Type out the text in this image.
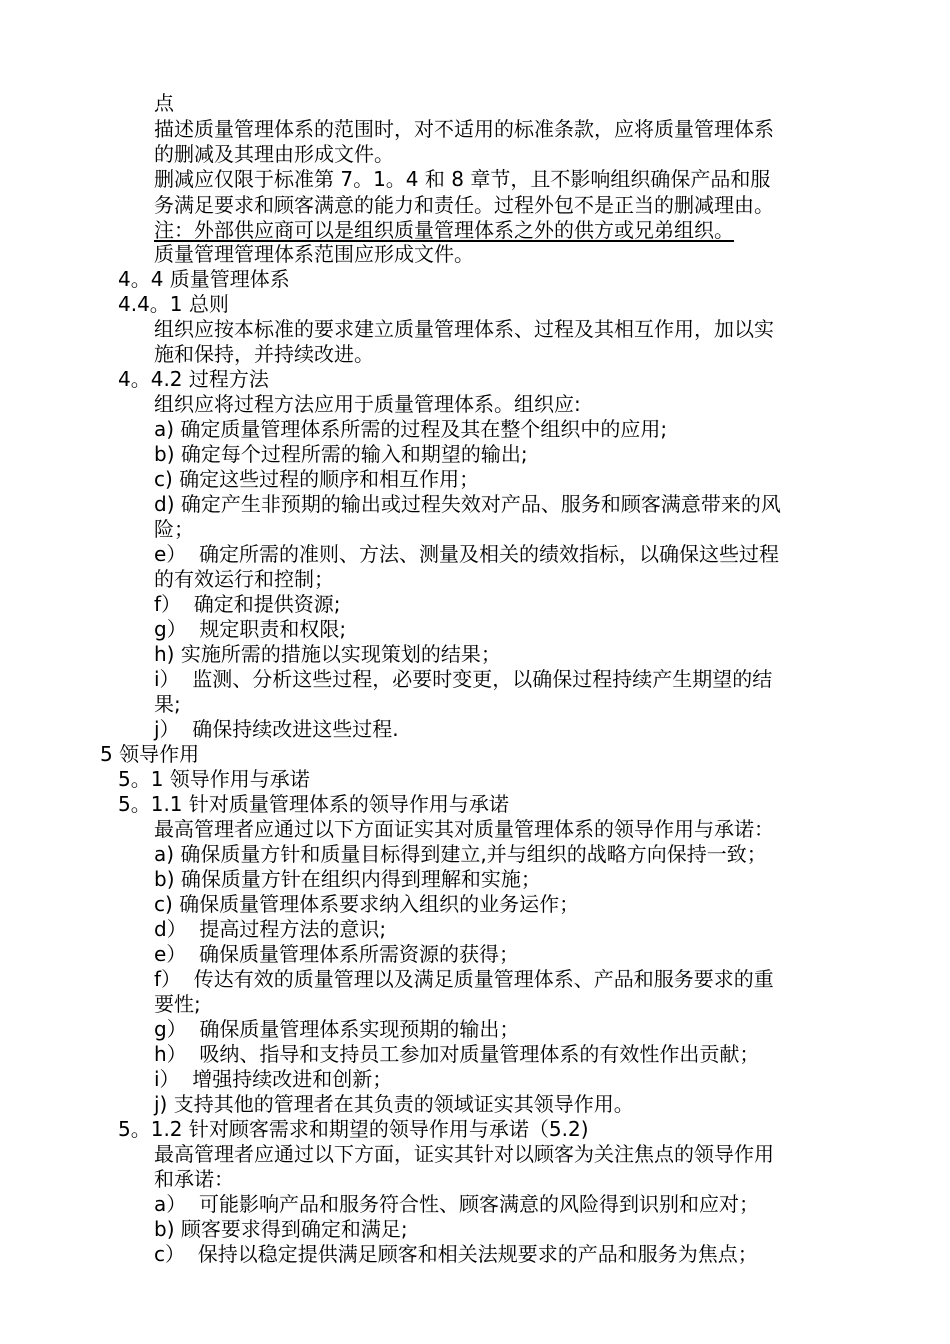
点
描述质量管理体系的范围时，对不适用的标准条款，应将质量管理体系
的删减及其理由形成文件。
删减应仅限于标准第 7。1。4 和 8 章节，且不影响组织确保产品和服
务满足要求和顾客满意的能力和责任。过程外包不是正当的删减理由。
注：外部供应商可以是组织质量管理体系之外的供方或兄弟组织。
质量管理管理体系范围应形成文件。
4。4 质量管理体系
4.4。1 总则
组织应按本标准的要求建立质量管理体系、过程及其相互作用，加以实
施和保持，并持续改进。
4。4.2 过程方法
组织应将过程方法应用于质量管理体系。组织应:
a) 确定质量管理体系所需的过程及其在整个组织中的应用;
b) 确定每个过程所需的输入和期望的输出;
c) 确定这些过程的顺序和相互作用；
d) 确定产生非预期的输出或过程失效对产品、服务和顾客满意带来的风
险；
e）  确定所需的准则、方法、测量及相关的绩效指标，以确保这些过程
的有效运行和控制；
f）  确定和提供资源;
g）  规定职责和权限;
h) 实施所需的措施以实现策划的结果；
i）  监测、分析这些过程，必要时变更，以确保过程持续产生期望的结
果;
j）  确保持续改进这些过程.
5 领导作用
5。1 领导作用与承诺
5。1.1 针对质量管理体系的领导作用与承诺
最高管理者应通过以下方面证实其对质量管理体系的领导作用与承诺：
a) 确保质量方针和质量目标得到建立,并与组织的战略方向保持一致；
b) 确保质量方针在组织内得到理解和实施；
c) 确保质量管理体系要求纳入组织的业务运作；
d）  提高过程方法的意识;
e）  确保质量管理体系所需资源的获得；
f）  传达有效的质量管理以及满足质量管理体系、产品和服务要求的重
要性;
g）  确保质量管理体系实现预期的输出；
h）  吸纳、指导和支持员工参加对质量管理体系的有效性作出贡献；
i）  增强持续改进和创新；
j) 支持其他的管理者在其负责的领域证实其领导作用。
5。1.2 针对顾客需求和期望的领导作用与承诺（5.2)
最高管理者应通过以下方面，证实其针对以顾客为关注焦点的领导作用
和承诺：
a）  可能影响产品和服务符合性、顾客满意的风险得到识别和应对；
b) 顾客要求得到确定和满足;
c）  保持以稳定提供满足顾客和相关法规要求的产品和服务为焦点；
